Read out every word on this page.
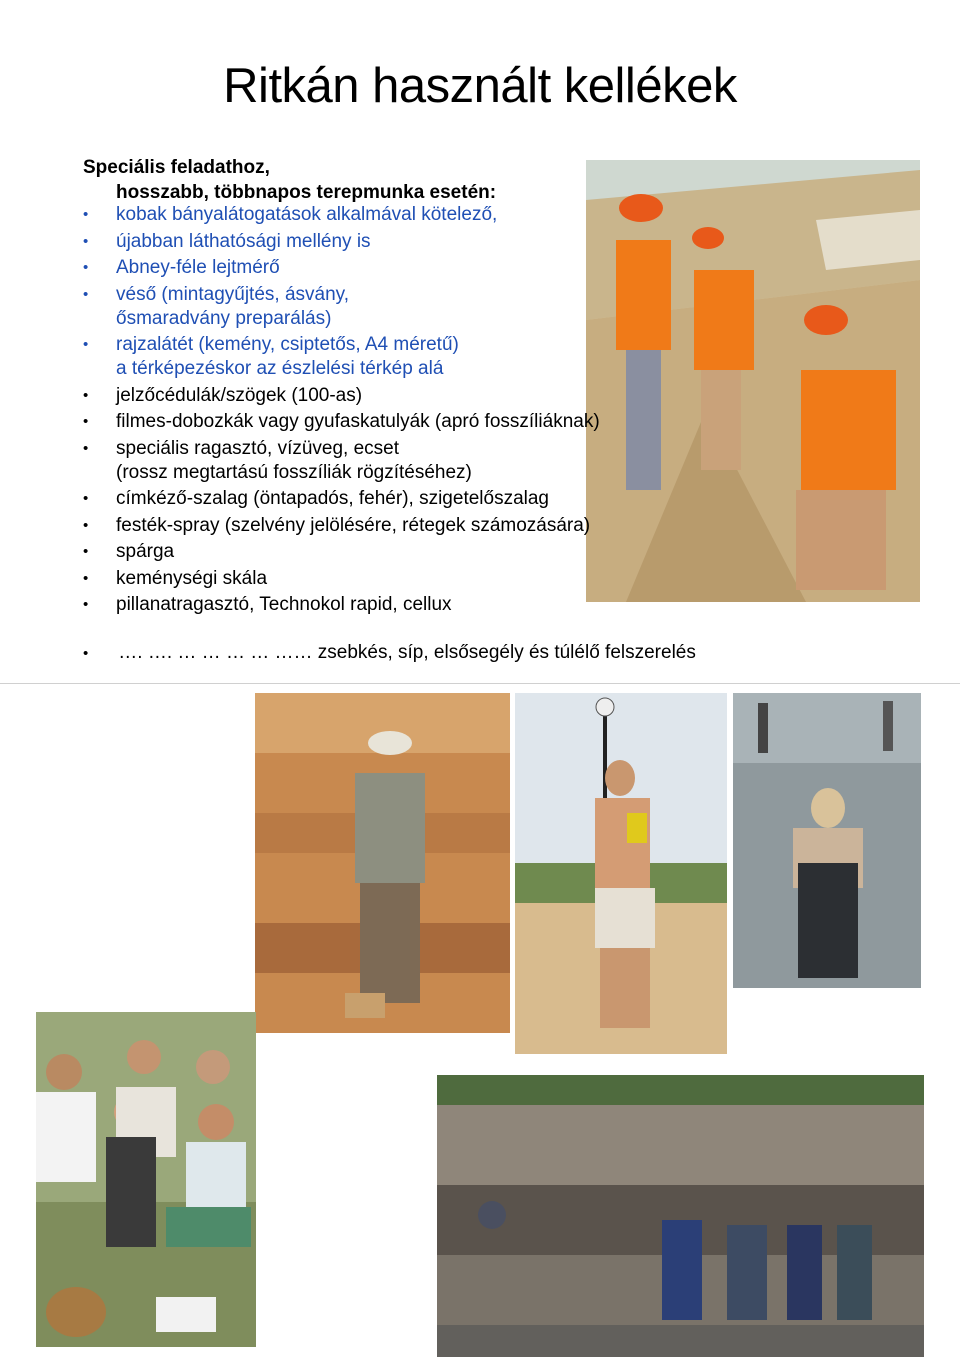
Ritkán használt kellékek
Speciális feladathoz,
hosszabb, többnapos terepmunka esetén:
• kobak bányalátogatások alkalmával kötelező,
• újabban láthatósági mellény is
• Abney-féle lejtmérő
• véső (mintagyűjtés, ásvány,
ősmaradvány preparálás)
• rajzalátét (kemény, csiptetős, A4 méretű)
a térképezéskor az észlelési térkép alá
• jelzőcédulák/szögek (100-as)
• filmes-dobozkák vagy gyufaskatulyák (apró fosszíliáknak)
• speciális ragasztó, vízüveg, ecset
(rossz megtartású fosszíliák rögzítéséhez)
• címkéző-szalag (öntapadós, fehér), szigetelőszalag
• festék-spray (szelvény jelölésére, rétegek számozására)
• spárga
• keménységi skála
• pillanatragasztó, Technokol rapid, cellux
• …. …. … … … … …… zsebkés, síp, elsősegély és túlélő felszerelés
